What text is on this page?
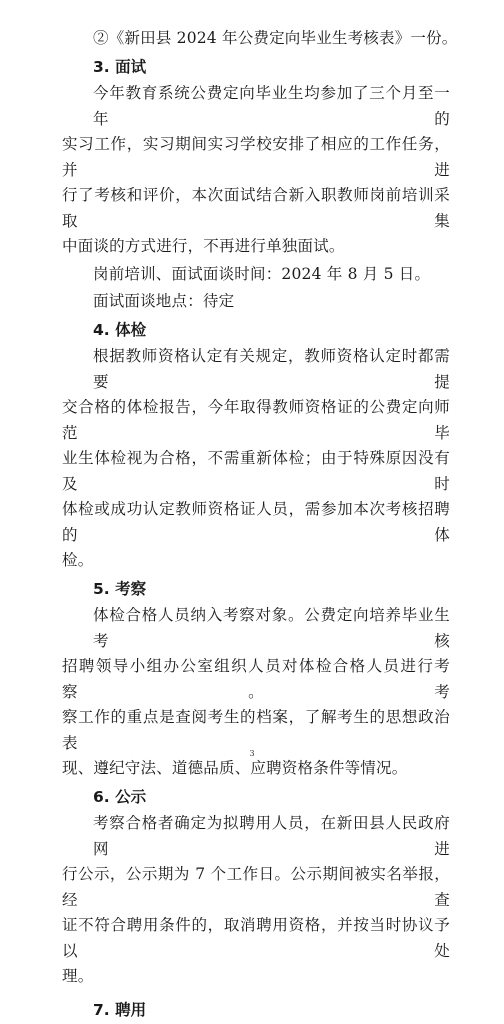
②《新田县 2024 年公费定向毕业生考核表》一份。
3. 面试
今年教育系统公费定向毕业生均参加了三个月至一年的
实习工作，实习期间实习学校安排了相应的工作任务，并进
行了考核和评价，本次面试结合新入职教师岗前培训采取集
中面谈的方式进行，不再进行单独面试。
岗前培训、面试面谈时间：2024 年 8 月 5 日。
面试面谈地点：待定
4. 体检
根据教师资格认定有关规定，教师资格认定时都需要提
交合格的体检报告，今年取得教师资格证的公费定向师范毕
业生体检视为合格，不需重新体检；由于特殊原因没有及时
体检或成功认定教师资格证人员，需参加本次考核招聘的体
检。
5. 考察
体检合格人员纳入考察对象。公费定向培养毕业生考核
招聘领导小组办公室组织人员对体检合格人员进行考察。考
察工作的重点是查阅考生的档案，了解考生的思想政治表
现、遵纪守法、道德品质、应聘资格条件等情况。
6. 公示
考察合格者确定为拟聘用人员，在新田县人民政府网进
行公示，公示期为 7 个工作日。公示期间被实名举报，经查
证不符合聘用条件的，取消聘用资格，并按当时协议予以处
理。
7. 聘用
3
